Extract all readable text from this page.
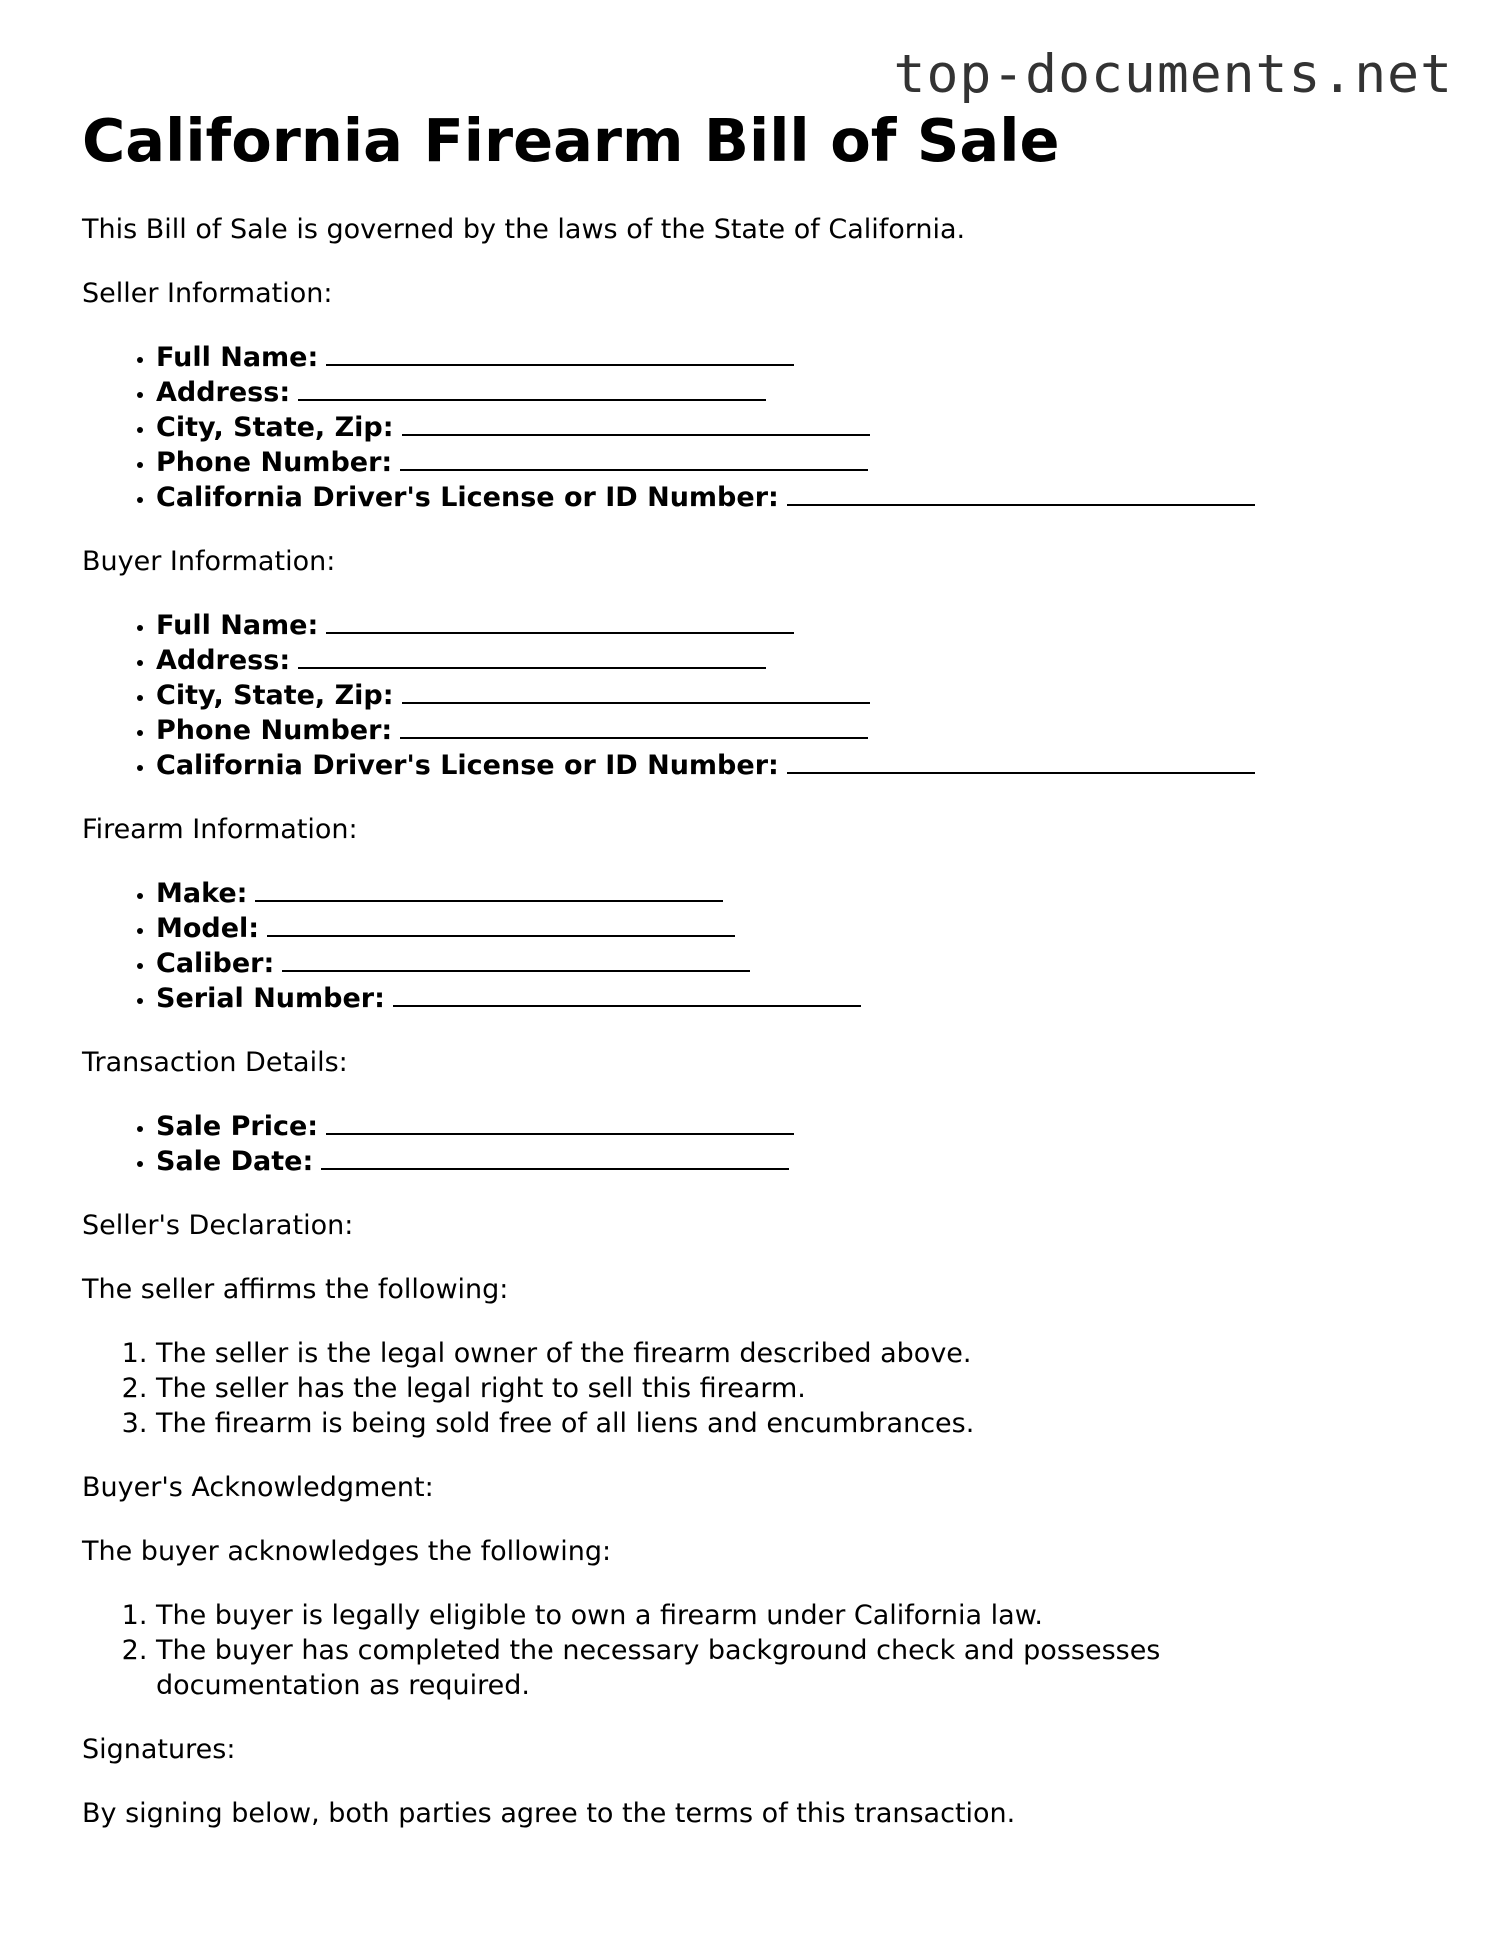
top-documents.net
California Firearm Bill of Sale

This Bill of Sale is governed by the laws of the State of California.

Seller Information:

• Full Name:
• Address:
• City, State, Zip:
• Phone Number:
• California Driver's License or ID Number:

Buyer Information:

• Full Name:
• Address:
• City, State, Zip:
• Phone Number:
• California Driver's License or ID Number:

Firearm Information:

• Make:
• Model:
• Caliber:
• Serial Number:

Transaction Details:

• Sale Price:
• Sale Date:

Seller's Declaration:

The seller affirms the following:

1. The seller is the legal owner of the firearm described above.
2. The seller has the legal right to sell this firearm.
3. The firearm is being sold free of all liens and encumbrances.

Buyer's Acknowledgment:

The buyer acknowledges the following:

1. The buyer is legally eligible to own a firearm under California law.
2. The buyer has completed the necessary background check and possesses documentation as required.

Signatures:

By signing below, both parties agree to the terms of this transaction.
